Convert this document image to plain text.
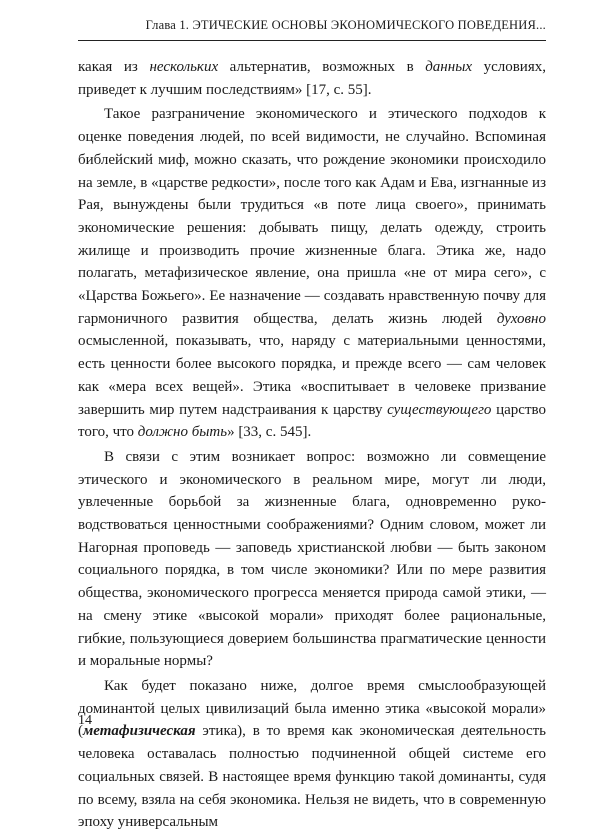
Глава 1. ЭТИЧЕСКИЕ ОСНОВЫ ЭКОНОМИЧЕСКОГО ПОВЕДЕНИЯ...

какая из нескольких альтернатив, возможных в данных условиях, приведет к лучшим последствиям» [17, с. 55].

Такое разграничение экономического и этического подходов к оценке поведения людей, по всей видимости, не случайно. Вспоминая библейский миф, можно сказать, что рождение экономики происходило на земле, в «царстве редкости», после того как Адам и Ева, изгнанные из Рая, вынуждены были трудиться «в поте лица своего», принимать экономические решения: добывать пищу, делать одежду, строить жилище и производить прочие жизненные блага. Этика же, надо полагать, метафизическое явление, она пришла «не от мира сего», с «Царства Божьего». Ее назначение — создавать нравственную почву для гармоничного развития общества, делать жизнь людей духовно осмысленной, показывать, что, наряду с материальными ценностями, есть ценности более высокого порядка, и прежде всего — сам человек как «мера всех вещей». Этика «воспитывает в человеке призвание завершить мир путем надстраивания к царству существующего царство того, что должно быть» [33, с. 545].

В связи с этим возникает вопрос: возможно ли совмещение этического и экономического в реальном мире, могут ли люди, увлеченные борьбой за жизненные блага, одновременно руководствоваться ценностными соображениями? Одним словом, может ли Нагорная проповедь — заповедь христианской любви — быть законом социального порядка, в том числе экономики? Или по мере развития общества, экономического прогресса меняется природа самой этики, — на смену этике «высокой морали» приходят более рациональные, гибкие, пользующиеся доверием большинства прагматические ценности и моральные нормы?

Как будет показано ниже, долгое время смыслообразующей доминантой целых цивилизаций была именно этика «высокой морали» (метафизическая этика), в то время как экономическая деятельность человека оставалась полностью подчиненной общей системе его социальных связей. В настоящее время функцию такой доминанты, судя по всему, взяла на себя экономика. Нельзя не видеть, что в современную эпоху универсальным

14
